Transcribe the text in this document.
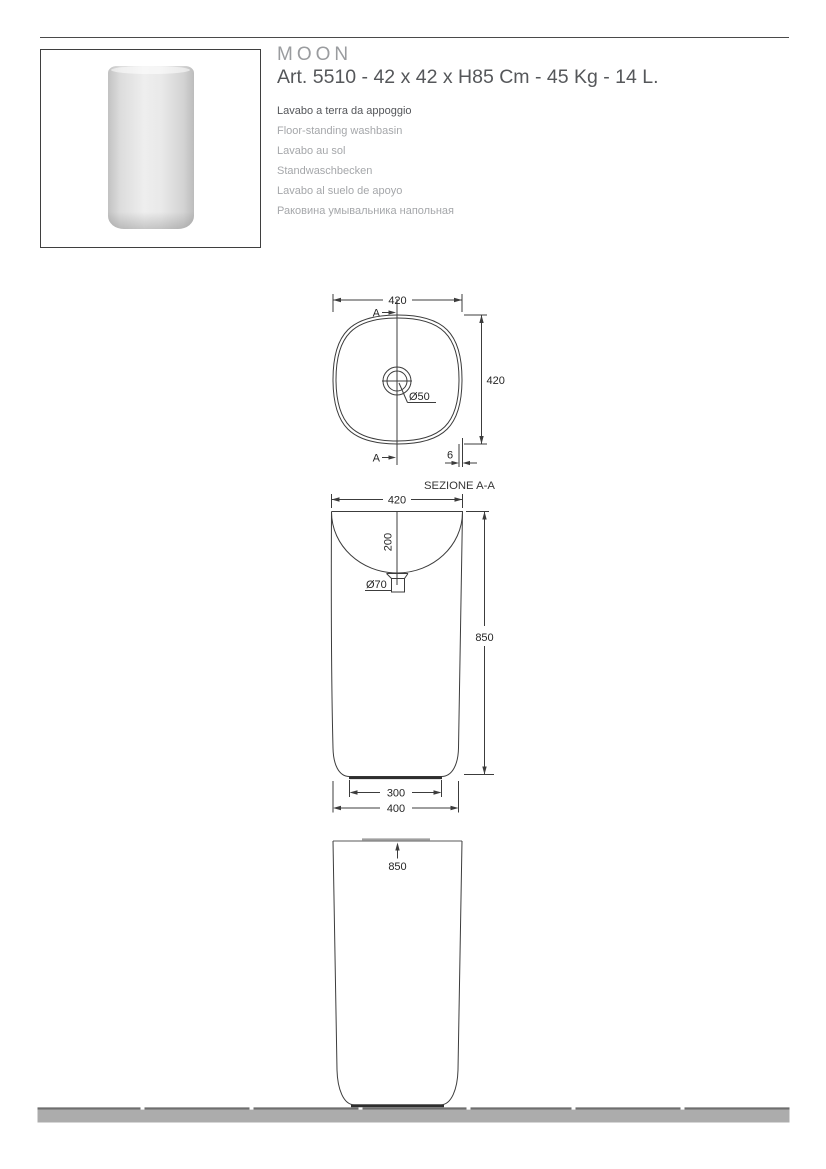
MOON
Art. 5510 - 42 x 42 x H85 Cm - 45 Kg - 14 L.
Lavabo a terra da appoggio
Floor-standing washbasin
Lavabo au sol
Standwaschbecken
Lavabo al suelo de apoyo
Раковина умывальника напольная
Ø50
420
A
A
420
6
SEZIONE A-A
420
200
Ø70
850
300
400
850
